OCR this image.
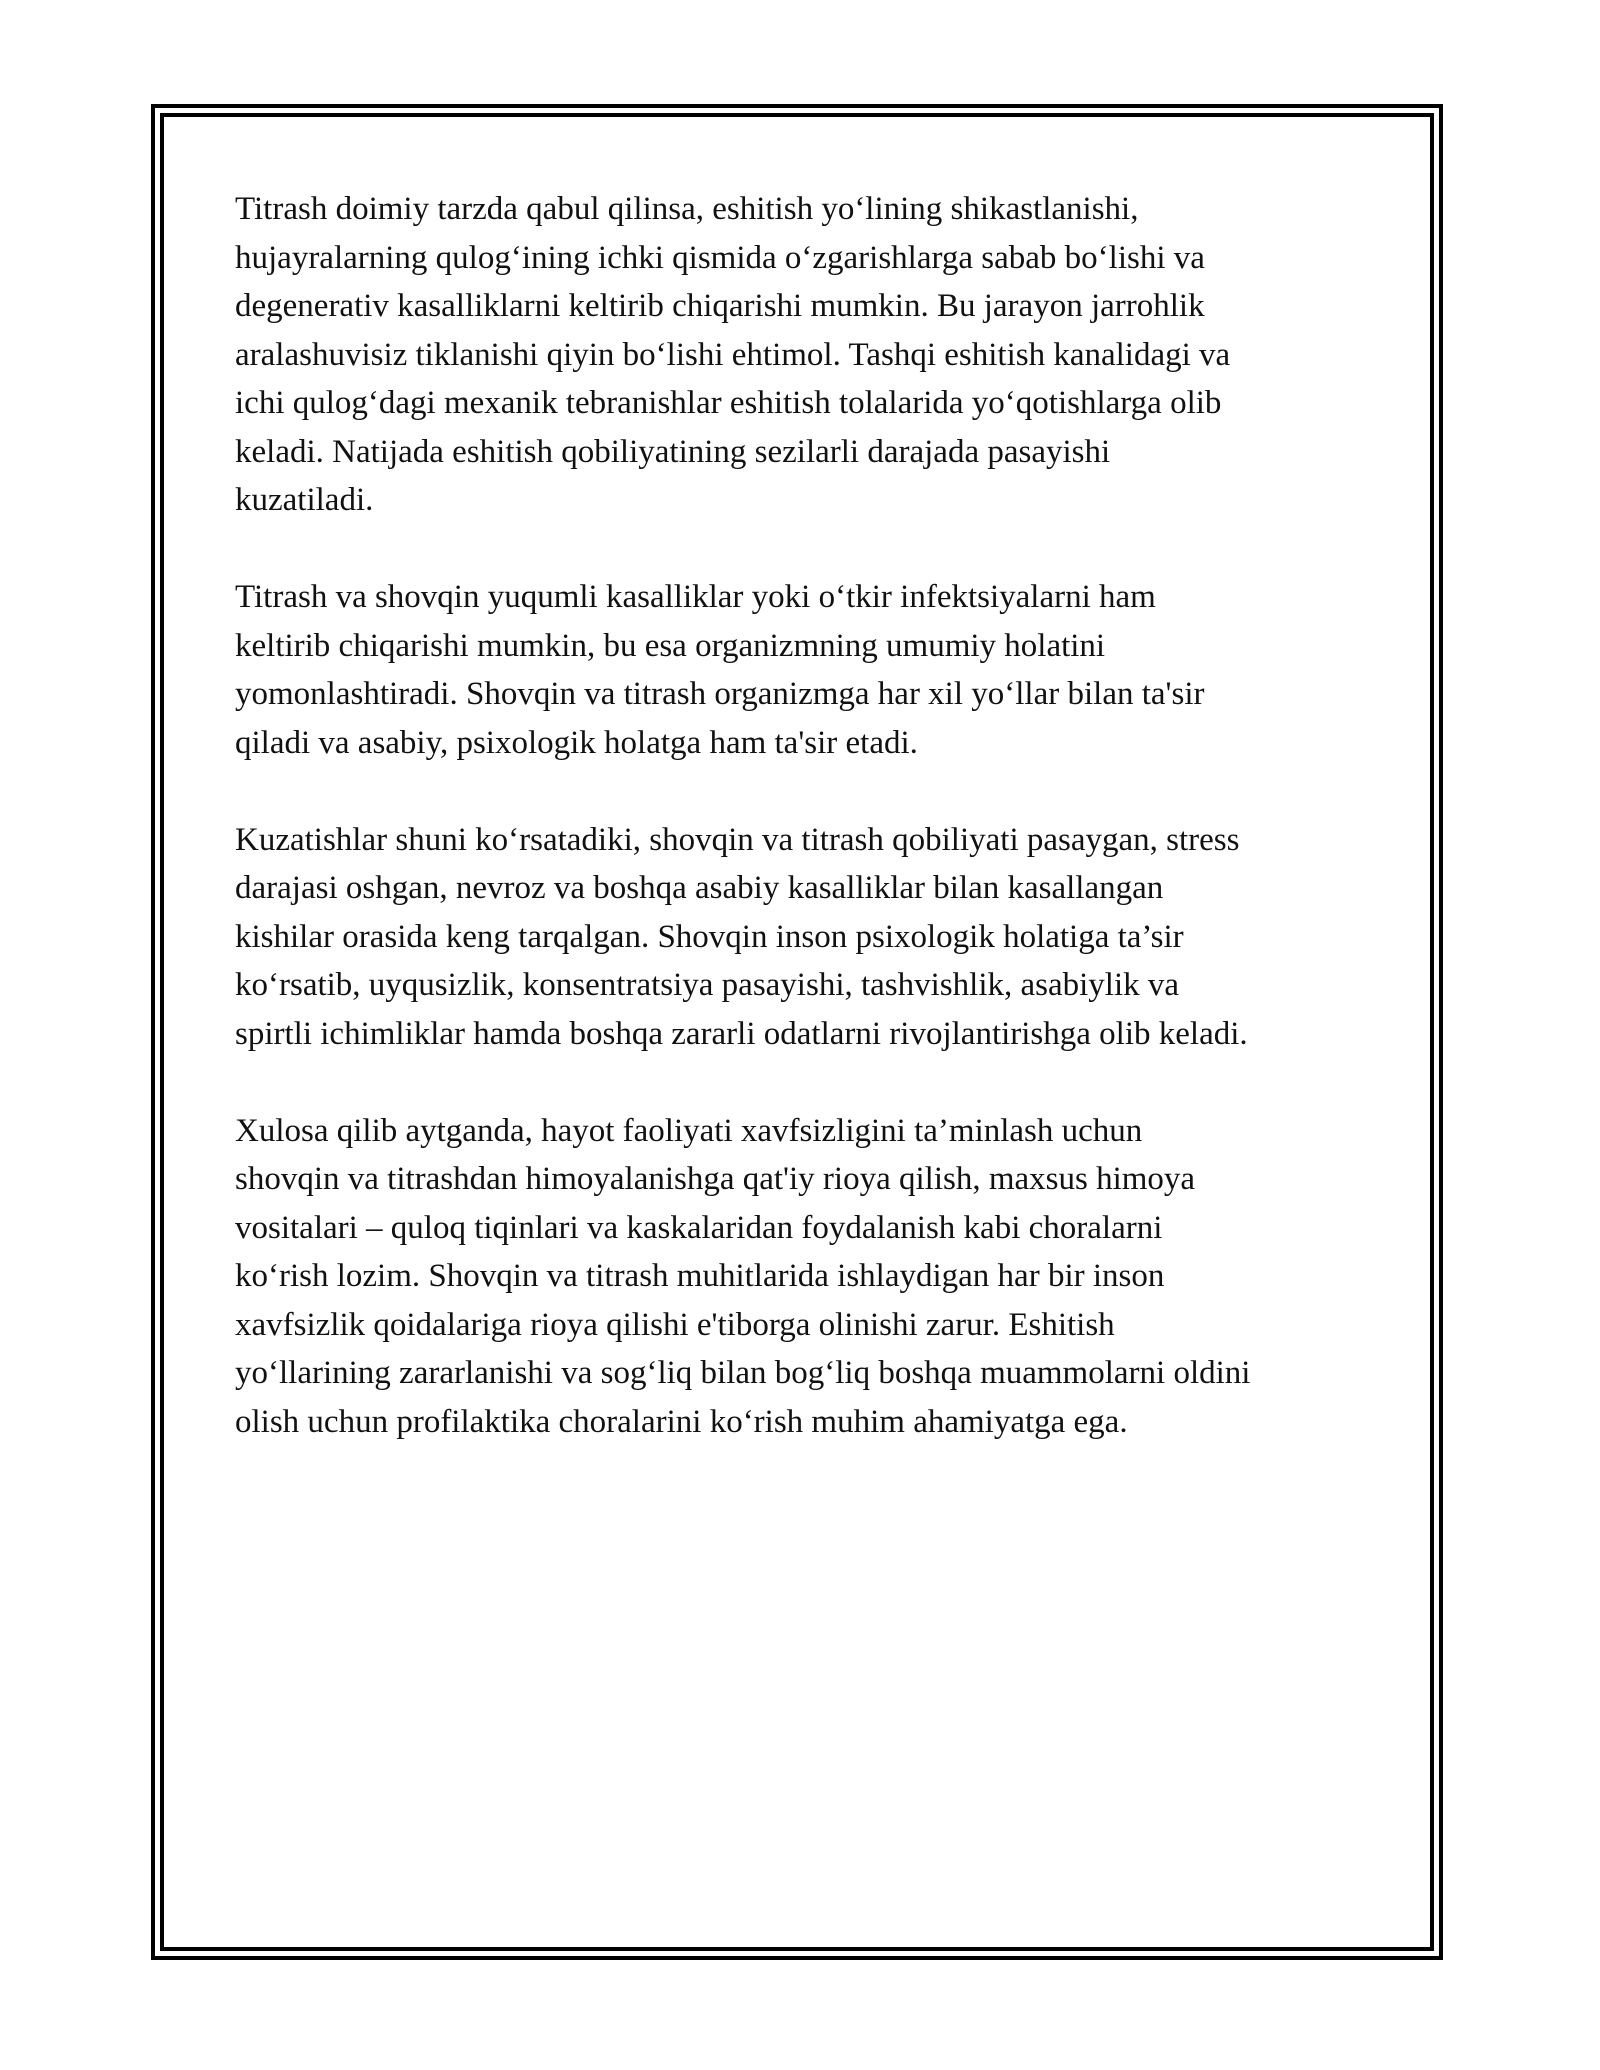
Titrash doimiy tarzda qabul qilinsa, eshitish yo‘lining shikastlanishi,
hujayralarning qulog‘ining ichki qismida o‘zgarishlarga sabab bo‘lishi va
degenerativ kasalliklarni keltirib chiqarishi mumkin. Bu jarayon jarrohlik
aralashuvisiz tiklanishi qiyin bo‘lishi ehtimol. Tashqi eshitish kanalidagi va
ichi qulog‘dagi mexanik tebranishlar eshitish tolalarida yo‘qotishlarga olib
keladi. Natijada eshitish qobiliyatining sezilarli darajada pasayishi
kuzatiladi.

Titrash va shovqin yuqumli kasalliklar yoki o‘tkir infektsiyalarni ham
keltirib chiqarishi mumkin, bu esa organizmning umumiy holatini
yomonlashtiradi. Shovqin va titrash organizmga har xil yo‘llar bilan ta'sir
qiladi va asabiy, psixologik holatga ham ta'sir etadi.

Kuzatishlar shuni ko‘rsatadiki, shovqin va titrash qobiliyati pasaygan, stress
darajasi oshgan, nevroz va boshqa asabiy kasalliklar bilan kasallangan
kishilar orasida keng tarqalgan. Shovqin inson psixologik holatiga ta’sir
ko‘rsatib, uyqusizlik, konsentratsiya pasayishi, tashvishlik, asabiylik va
spirtli ichimliklar hamda boshqa zararli odatlarni rivojlantirishga olib keladi.

Xulosa qilib aytganda, hayot faoliyati xavfsizligini ta’minlash uchun
shovqin va titrashdan himoyalanishga qat'iy rioya qilish, maxsus himoya
vositalari – quloq tiqinlari va kaskalaridan foydalanish kabi choralarni
ko‘rish lozim. Shovqin va titrash muhitlarida ishlaydigan har bir inson
xavfsizlik qoidalariga rioya qilishi e'tiborga olinishi zarur. Eshitish
yo‘llarining zararlanishi va sog‘liq bilan bog‘liq boshqa muammolarni oldini
olish uchun profilaktika choralarini ko‘rish muhim ahamiyatga ega.
